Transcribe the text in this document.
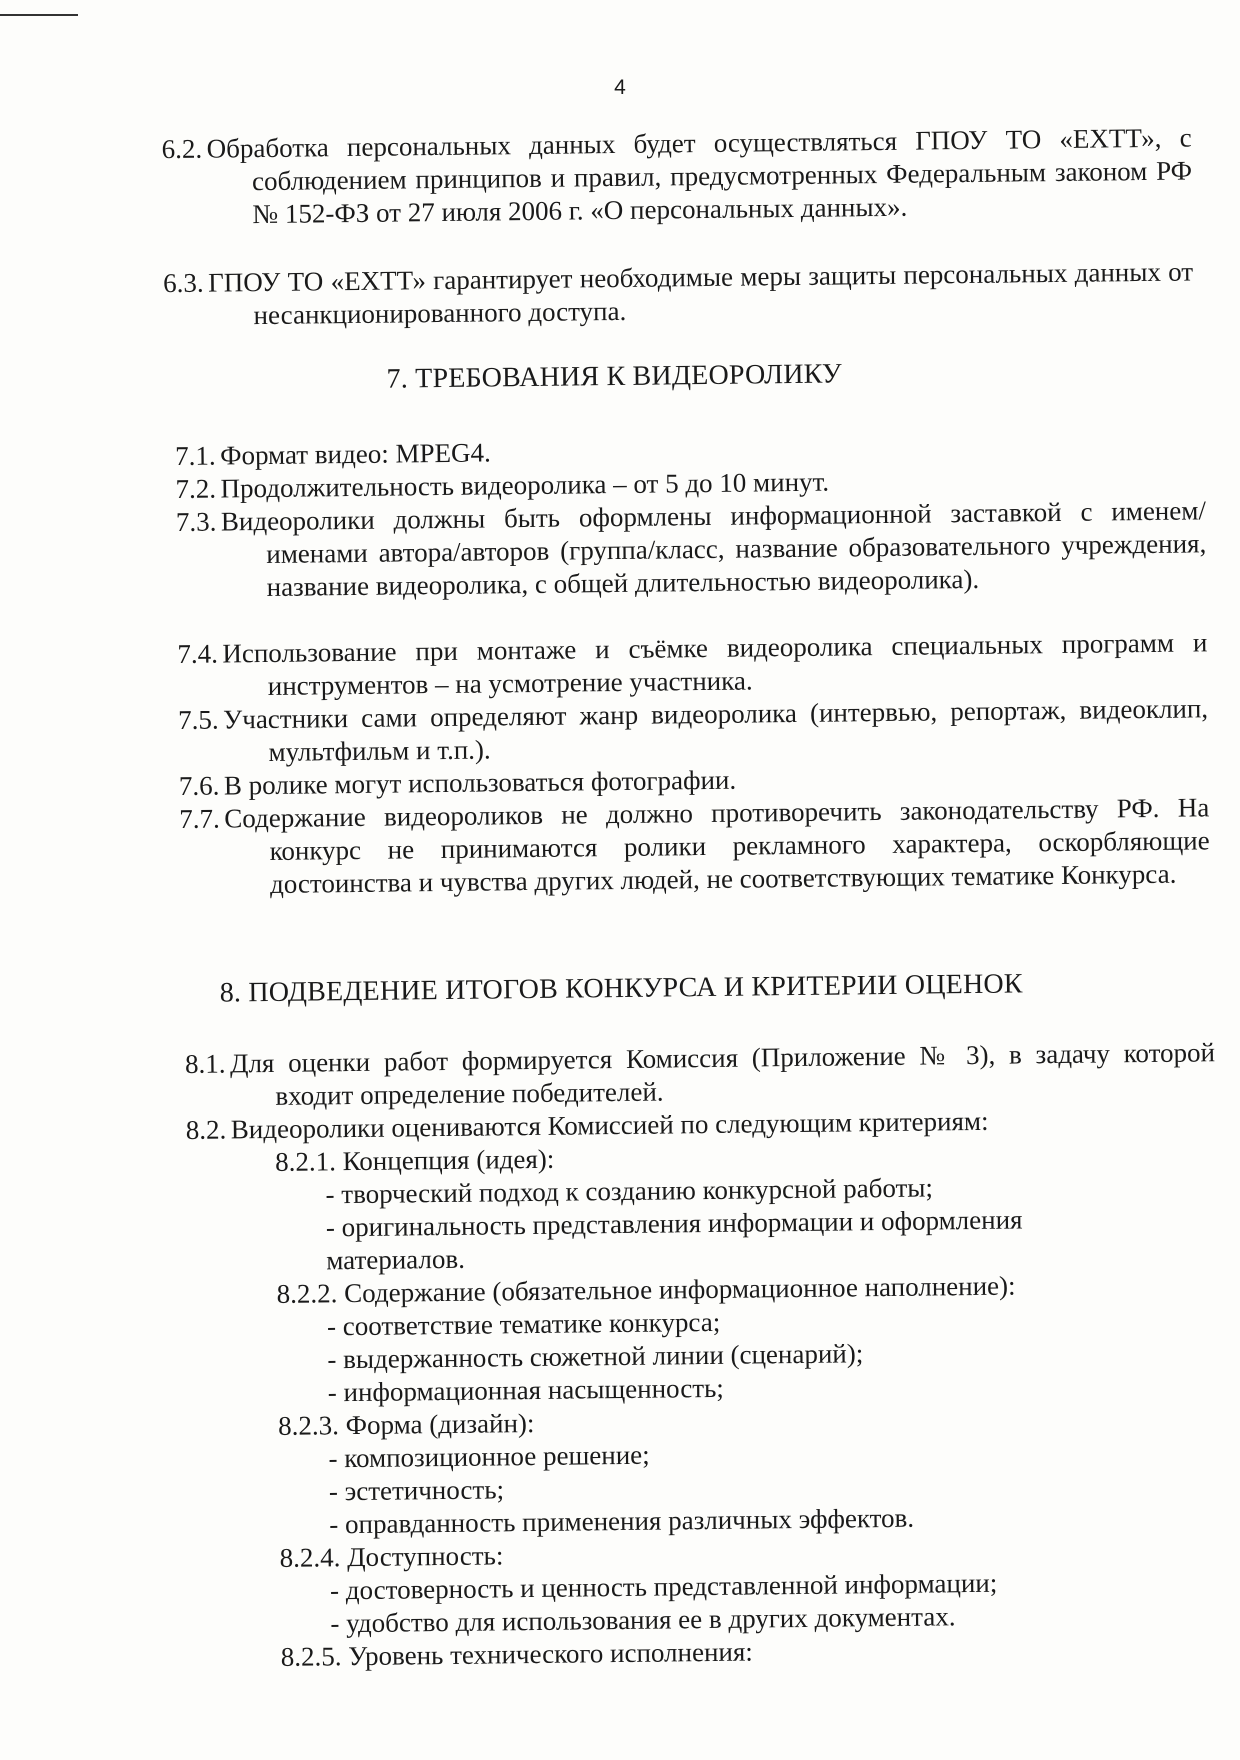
4
6.2. Обработка персональных данных будет осуществляться ГПОУ ТО «ЕХТТ», с соблюдением принципов и правил, предусмотренных Федеральным законом РФ № 152-ФЗ от 27 июля 2006 г. «О персональных данных».
6.3. ГПОУ ТО «ЕХТТ» гарантирует необходимые меры защиты персональных данных от несанкционированного доступа.
7. ТРЕБОВАНИЯ К ВИДЕОРОЛИКУ
7.1. Формат видео: MPEG4.
7.2. Продолжительность видеоролика – от 5 до 10 минут.
7.3. Видеоролики должны быть оформлены информационной заставкой с именем/именами автора/авторов (группа/класс, название образовательного учреждения, название видеоролика, с общей длительностью видеоролика).
7.4. Использование при монтаже и съёмке видеоролика специальных программ и инструментов – на усмотрение участника.
7.5. Участники сами определяют жанр видеоролика (интервью, репортаж, видеоклип, мультфильм и т.п.).
7.6. В ролике могут использоваться фотографии.
7.7. Содержание видеороликов не должно противоречить законодательству РФ. На конкурс не принимаются ролики рекламного характера, оскорбляющие достоинства и чувства других людей, не соответствующих тематике Конкурса.
8. ПОДВЕДЕНИЕ ИТОГОВ КОНКУРСА И КРИТЕРИИ ОЦЕНОК
8.1. Для оценки работ формируется Комиссия (Приложение № 3), в задачу которой входит определение победителей.
8.2. Видеоролики оцениваются Комиссией по следующим критериям:
8.2.1. Концепция (идея):
- творческий подход к созданию конкурсной работы;
- оригинальность представления информации и оформления
материалов.
8.2.2. Содержание (обязательное информационное наполнение):
- соответствие тематике конкурса;
- выдержанность сюжетной линии (сценарий);
- информационная насыщенность;
8.2.3. Форма (дизайн):
- композиционное решение;
- эстетичность;
- оправданность применения различных эффектов.
8.2.4. Доступность:
- достоверность и ценность представленной информации;
- удобство для использования ее в других документах.
8.2.5. Уровень технического исполнения:
